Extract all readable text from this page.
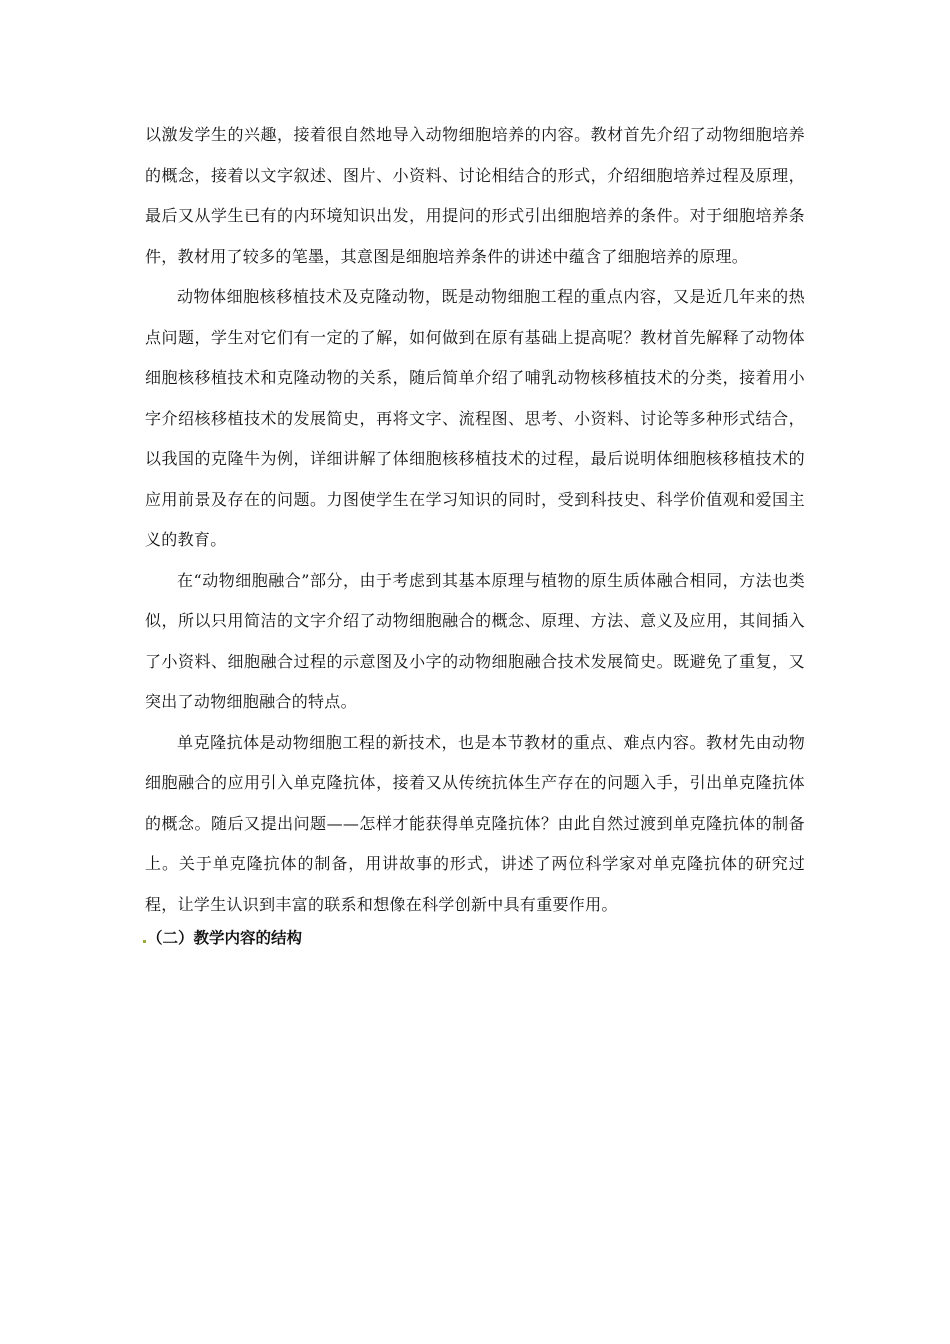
以激发学生的兴趣，接着很自然地导入动物细胞培养的内容。教材首先介绍了动物细胞培养的概念，接着以文字叙述、图片、小资料、讨论相结合的形式，介绍细胞培养过程及原理，最后又从学生已有的内环境知识出发，用提问的形式引出细胞培养的条件。对于细胞培养条件，教材用了较多的笔墨，其意图是细胞培养条件的讲述中蕴含了细胞培养的原理。

动物体细胞核移植技术及克隆动物，既是动物细胞工程的重点内容，又是近几年来的热点问题，学生对它们有一定的了解，如何做到在原有基础上提高呢？教材首先解释了动物体细胞核移植技术和克隆动物的关系，随后简单介绍了哺乳动物核移植技术的分类，接着用小字介绍核移植技术的发展简史，再将文字、流程图、思考、小资料、讨论等多种形式结合，以我国的克隆牛为例，详细讲解了体细胞核移植技术的过程，最后说明体细胞核移植技术的应用前景及存在的问题。力图使学生在学习知识的同时，受到科技史、科学价值观和爱国主义的教育。

在“动物细胞融合”部分，由于考虑到其基本原理与植物的原生质体融合相同，方法也类似，所以只用简洁的文字介绍了动物细胞融合的概念、原理、方法、意义及应用，其间插入了小资料、细胞融合过程的示意图及小字的动物细胞融合技术发展简史。既避免了重复，又突出了动物细胞融合的特点。

单克隆抗体是动物细胞工程的新技术，也是本节教材的重点、难点内容。教材先由动物细胞融合的应用引入单克隆抗体，接着又从传统抗体生产存在的问题入手，引出单克隆抗体的概念。随后又提出问题——怎样才能获得单克隆抗体？由此自然过渡到单克隆抗体的制备上。关于单克隆抗体的制备，用讲故事的形式，讲述了两位科学家对单克隆抗体的研究过程，让学生认识到丰富的联系和想像在科学创新中具有重要作用。

（二）教学内容的结构
